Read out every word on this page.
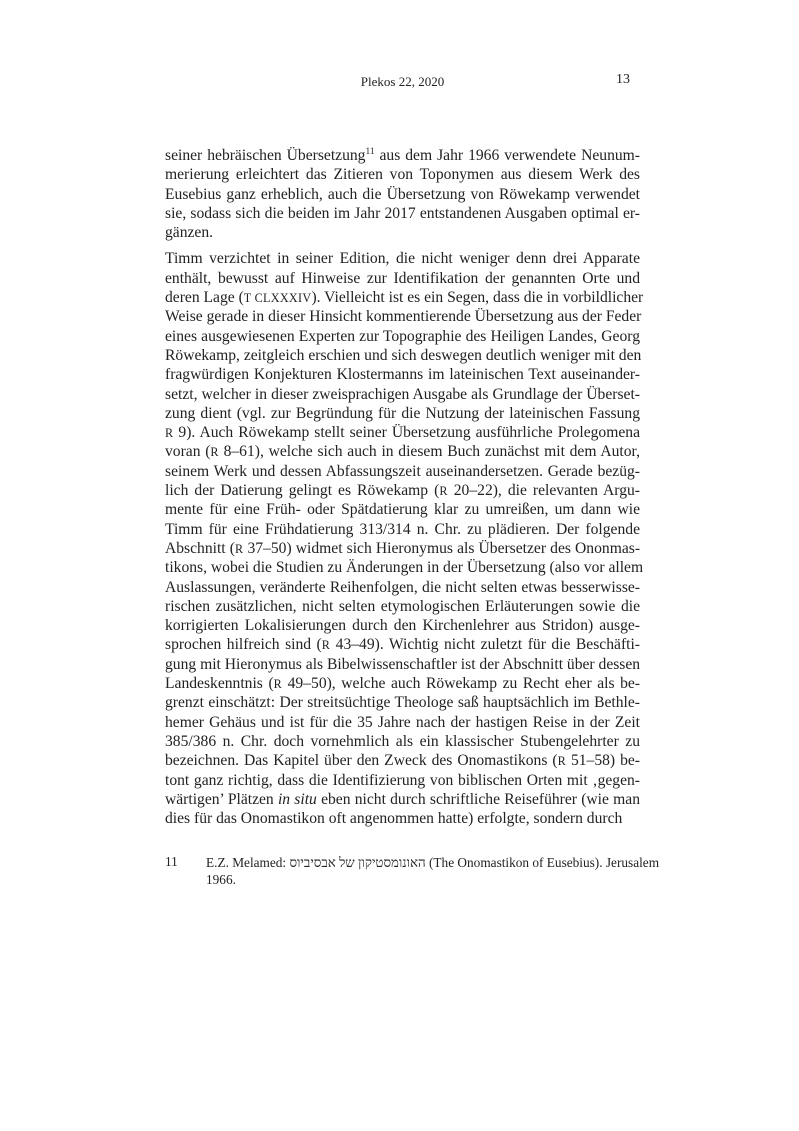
Plekos 22, 2020	13
seiner hebräischen Übersetzung$^{11}$ aus dem Jahr 1966 verwendete Neunum-
merierung erleichtert das Zitieren von Toponymen aus diesem Werk des
Eusebius ganz erheblich, auch die Übersetzung von Röwekamp verwendet
sie, sodass sich die beiden im Jahr 2017 entstandenen Ausgaben optimal er-
gänzen.
Timm verzichtet in seiner Edition, die nicht weniger denn drei Apparate
enthält, bewusst auf Hinweise zur Identifikation der genannten Orte und
deren Lage (T CLXXXIV). Vielleicht ist es ein Segen, dass die in vorbildlicher
Weise gerade in dieser Hinsicht kommentierende Übersetzung aus der Feder
eines ausgewiesenen Experten zur Topographie des Heiligen Landes, Georg
Röwekamp, zeitgleich erschien und sich deswegen deutlich weniger mit den
fragwürdigen Konjekturen Klostermanns im lateinischen Text auseinander-
setzt, welcher in dieser zweisprachigen Ausgabe als Grundlage der Überset-
zung dient (vgl. zur Begründung für die Nutzung der lateinischen Fassung
R 9). Auch Röwekamp stellt seiner Übersetzung ausführliche Prolegomena
voran (R 8–61), welche sich auch in diesem Buch zunächst mit dem Autor,
seinem Werk und dessen Abfassungszeit auseinandersetzen. Gerade bezüg-
lich der Datierung gelingt es Röwekamp (R 20–22), die relevanten Argu-
mente für eine Früh- oder Spätdatierung klar zu umreißen, um dann wie
Timm für eine Frühdatierung 313/314 n. Chr. zu plädieren. Der folgende
Abschnitt (R 37–50) widmet sich Hieronymus als Übersetzer des Ononmas-
tikons, wobei die Studien zu Änderungen in der Übersetzung (also vor allem
Auslassungen, veränderte Reihenfolgen, die nicht selten etwas besserwisse-
rischen zusätzlichen, nicht selten etymologischen Erläuterungen sowie die
korrigierten Lokalisierungen durch den Kirchenlehrer aus Stridon) ausge-
sprochen hilfreich sind (R 43–49). Wichtig nicht zuletzt für die Beschäfti-
gung mit Hieronymus als Bibelwissenschaftler ist der Abschnitt über dessen
Landeskenntnis (R 49–50), welche auch Röwekamp zu Recht eher als be-
grenzt einschätzt: Der streitsüchtige Theologe saß hauptsächlich im Bethle-
hemer Gehäus und ist für die 35 Jahre nach der hastigen Reise in der Zeit
385/386 n. Chr. doch vornehmlich als ein klassischer Stubengelehrter zu
bezeichnen. Das Kapitel über den Zweck des Onomastikons (R 51–58) be-
tont ganz richtig, dass die Identifizierung von biblischen Orten mit ‚gegen-
wärtigen’ Plätzen in situ eben nicht durch schriftliche Reiseführer (wie man
dies für das Onomastikon oft angenommen hatte) erfolgte, sondern durch
11 E.Z. Melamed: האונומסטיקון של אבסיביוס (The Onomastikon of Eusebius). Jerusalem
1966.
